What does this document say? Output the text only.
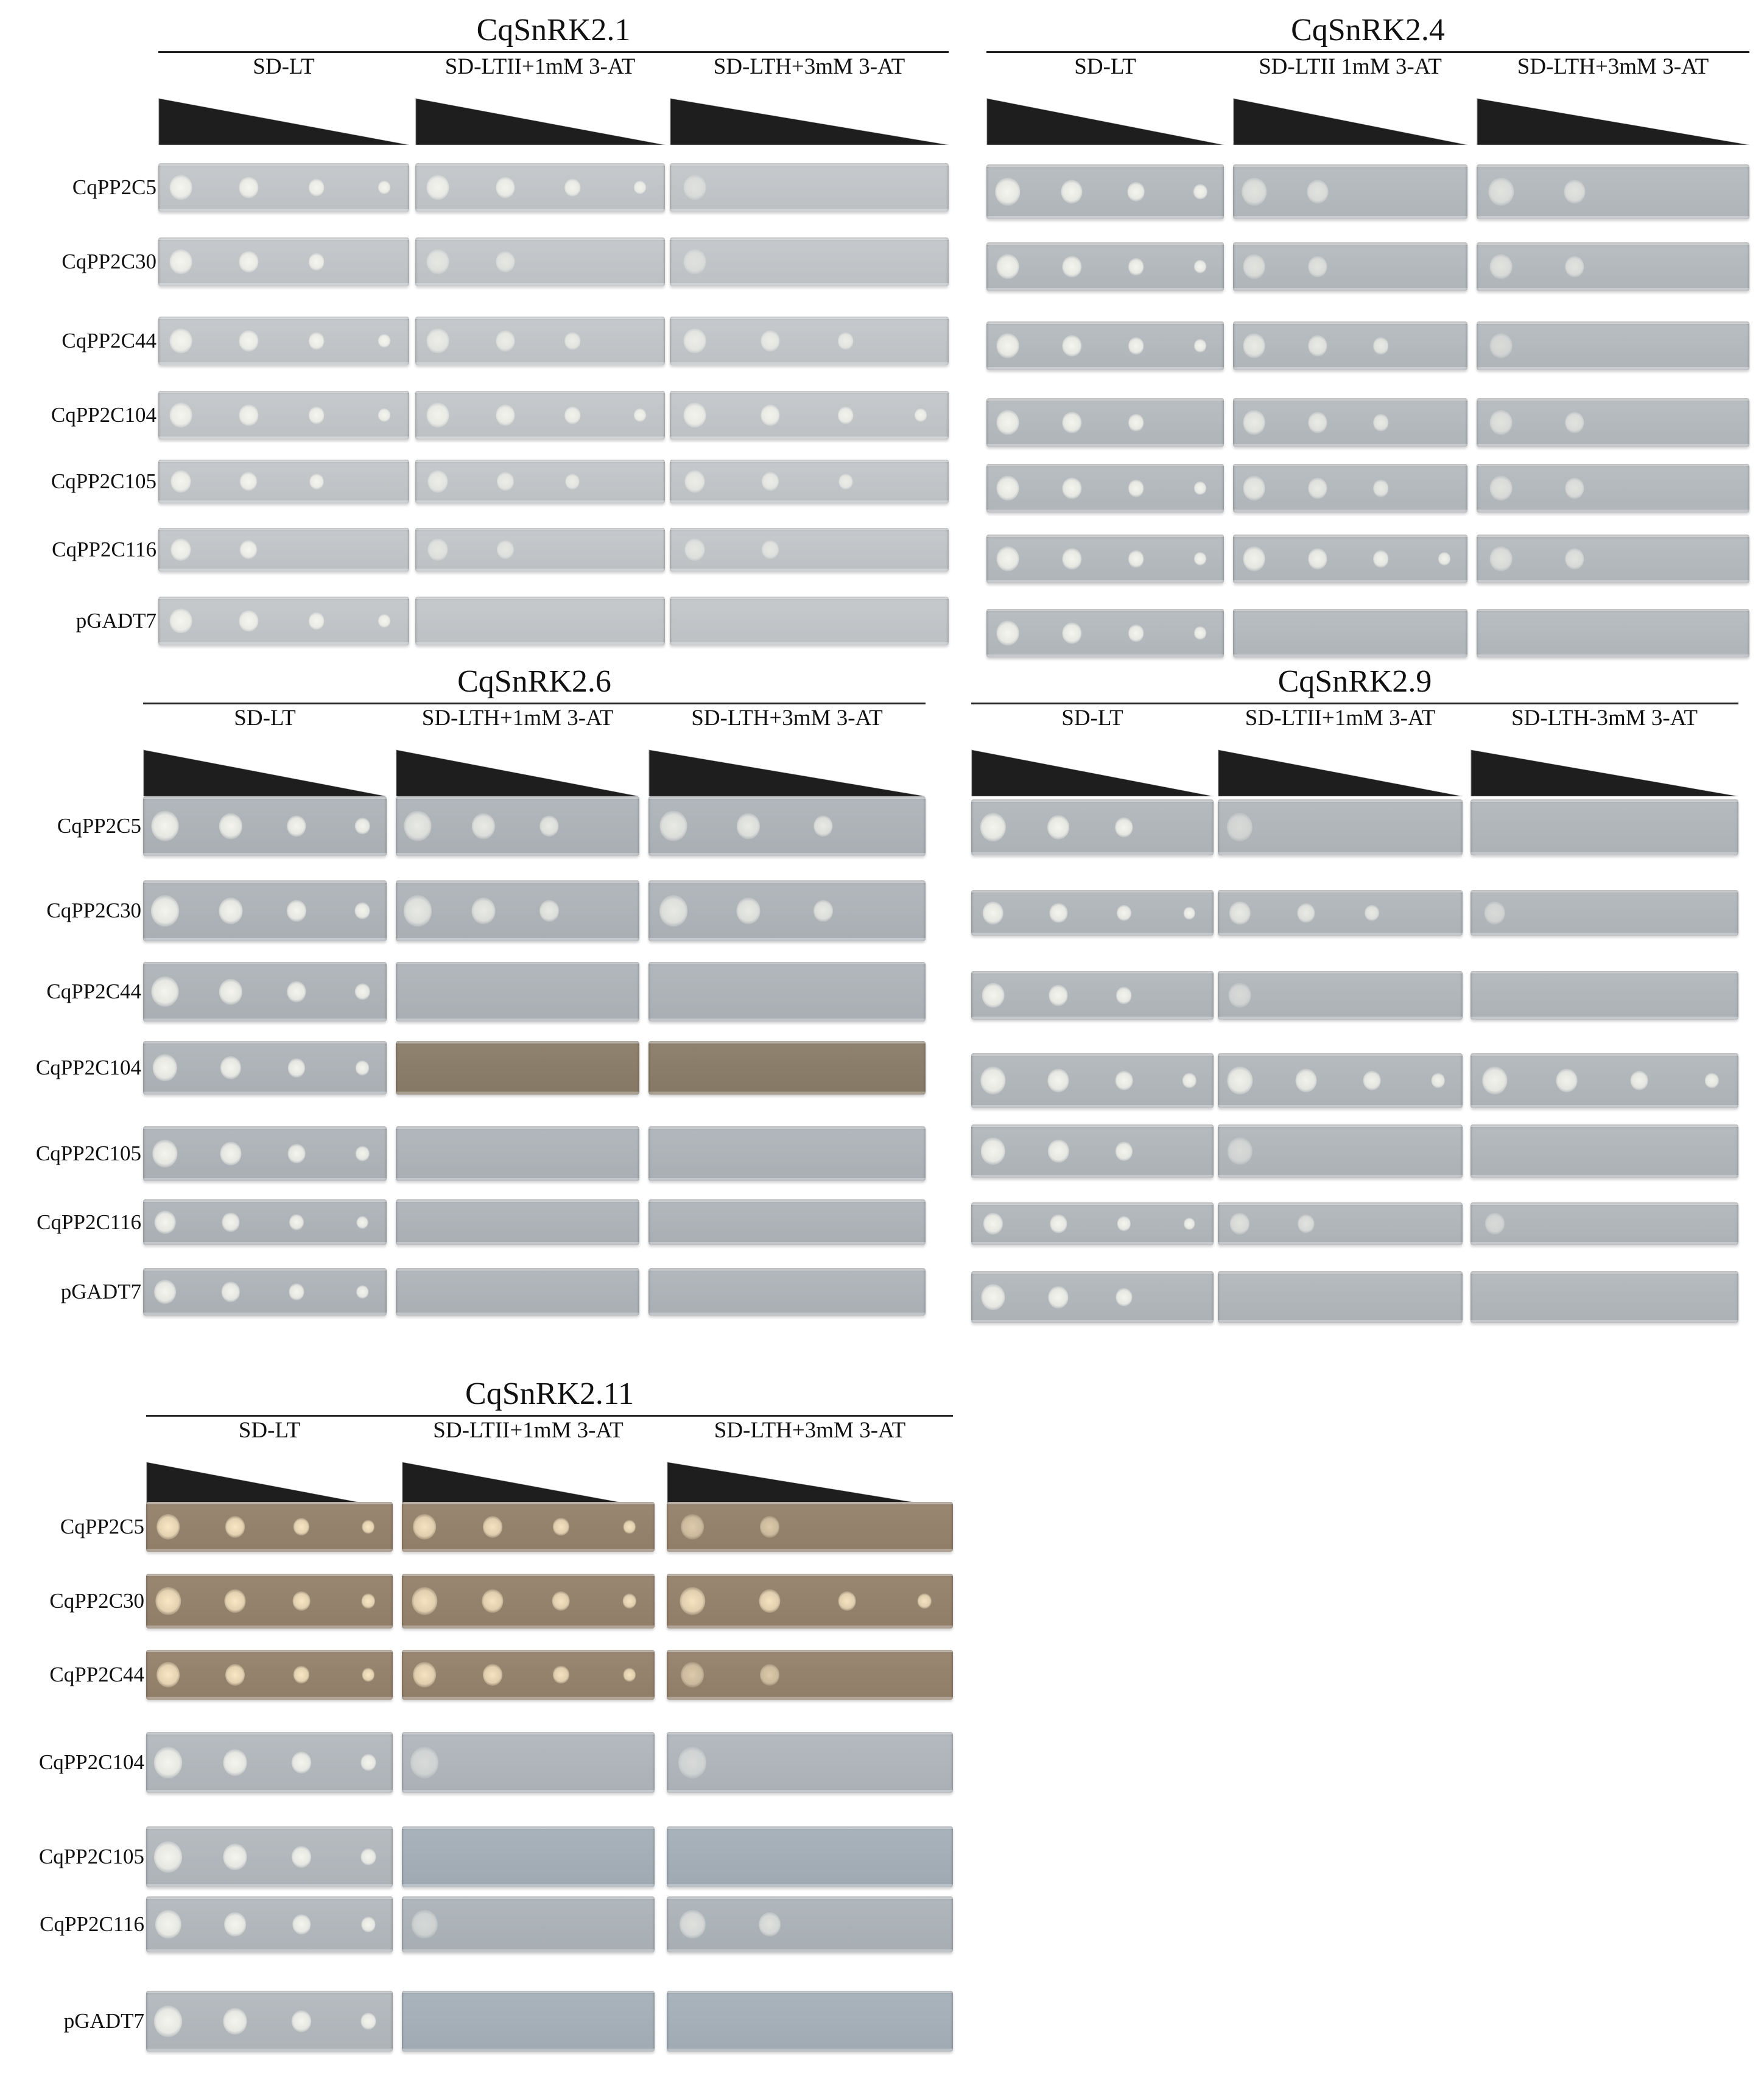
CqSnRK2.1
SD-LT	SD-LTII+1mM 3-AT	SD-LTH+3mM 3-AT
CqPP2C5
CqPP2C30
CqPP2C44
CqPP2C104
CqPP2C105
CqPP2C116
pGADT7
CqSnRK2.4
SD-LT	SD-LTII 1mM 3-AT	SD-LTH+3mM 3-AT
CqSnRK2.6
SD-LT	SD-LTH+1mM 3-AT	SD-LTH+3mM 3-AT
CqPP2C5
CqPP2C30
CqPP2C44
CqPP2C104
CqPP2C105
CqPP2C116
pGADT7
CqSnRK2.9
SD-LT	SD-LTII+1mM 3-AT	SD-LTH-3mM 3-AT
CqSnRK2.11
SD-LT	SD-LTII+1mM 3-AT	SD-LTH+3mM 3-AT
CqPP2C5
CqPP2C30
CqPP2C44
CqPP2C104
CqPP2C105
CqPP2C116
pGADT7
